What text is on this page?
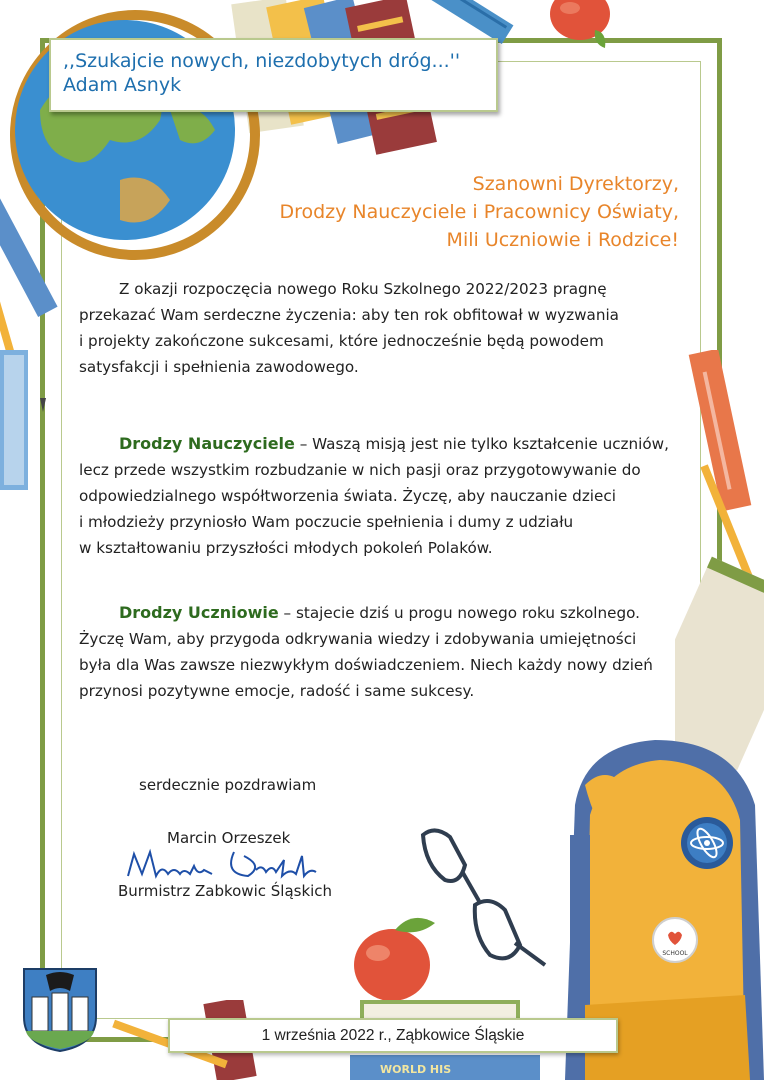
SCHOOL
WORLD HIS
,,Szukajcie nowych, niezdobytych dróg...''
Adam Asnyk
Szanowni Dyrektorzy,
Drodzy Nauczyciele i Pracownicy Oświaty,
Mili Uczniowie i Rodzice!

Z okazji rozpoczęcia nowego Roku Szkolnego 2022/2023 pragnę

przekazać Wam serdeczne życzenia: aby ten rok obfitował w wyzwania

i projekty zakończone sukcesami, które jednocześnie będą powodem

satysfakcji i spełnienia zawodowego.

Drodzy Nauczyciele – Waszą misją jest nie tylko kształcenie uczniów,

lecz przede wszystkim rozbudzanie w nich pasji oraz przygotowywanie do

odpowiedzialnego współtworzenia świata. Życzę, aby nauczanie dzieci

i młodzieży przyniosło Wam poczucie spełnienia i dumy z udziału

w kształtowaniu przyszłości młodych pokoleń Polaków.

Drodzy Uczniowie – stajecie dziś u progu nowego roku szkolnego.

Życzę Wam, aby przygoda odkrywania wiedzy i zdobywania umiejętności

była dla Was zawsze niezwykłym doświadczeniem. Niech każdy nowy dzień

przynosi pozytywne emocje, radość i same sukcesy.

serdecznie pozdrawiam
Marcin Orzeszek
Burmistrz Zabkowic Śląskich
1 września 2022 r., Ząbkowice Śląskie
